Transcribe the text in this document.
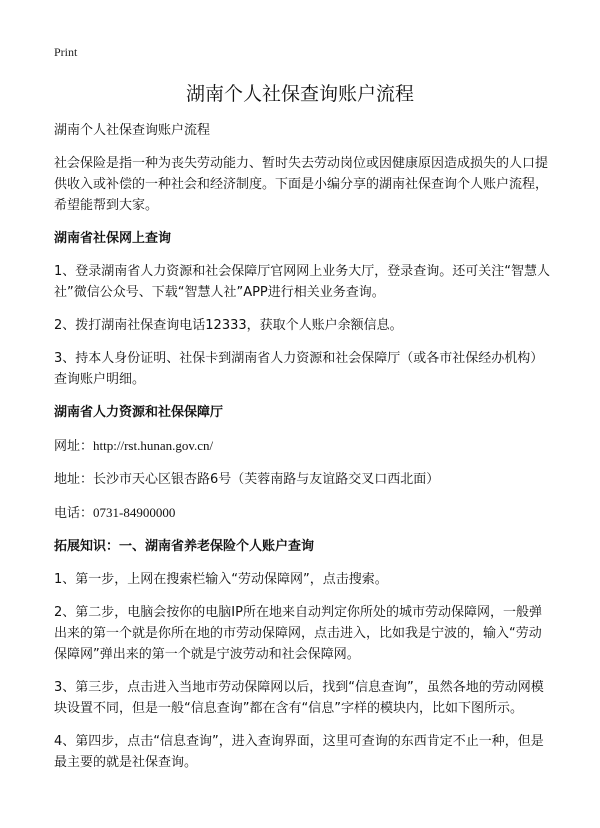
Print
湖南个人社保查询账户流程

湖南个人社保查询账户流程

社会保险是指一种为丧失劳动能力、暂时失去劳动岗位或因健康原因造成损失的人口提供收入或补偿的一种社会和经济制度。下面是小编分享的湖南社保查询个人账户流程，希望能帮到大家。

湖南省社保网上查询

1、登录湖南省人力资源和社会保障厅官网网上业务大厅，登录查询。还可关注“智慧人社”微信公众号、下载“智慧人社”APP进行相关业务查询。

2、拨打湖南社保查询电话12333，获取个人账户余额信息。

3、持本人身份证明、社保卡到湖南省人力资源和社会保障厅（或各市社保经办机构）查询账户明细。

湖南省人力资源和社保保障厅

网址：http://rst.hunan.gov.cn/

地址：长沙市天心区银杏路6号（芙蓉南路与友谊路交叉口西北面）

电话：0731-84900000

拓展知识：一、湖南省养老保险个人账户查询

1、第一步，上网在搜索栏输入“劳动保障网”，点击搜索。

2、第二步，电脑会按你的电脑IP所在地来自动判定你所处的城市劳动保障网，一般弹出来的第一个就是你所在地的市劳动保障网，点击进入，比如我是宁波的，输入“劳动保障网”弹出来的第一个就是宁波劳动和社会保障网。

3、第三步，点击进入当地市劳动保障网以后，找到“信息查询”，虽然各地的劳动网模块设置不同，但是一般“信息查询”都在含有“信息”字样的模块内，比如下图所示。

4、第四步，点击“信息查询”，进入查询界面，这里可查询的东西肯定不止一种，但是最主要的就是社保查询。
